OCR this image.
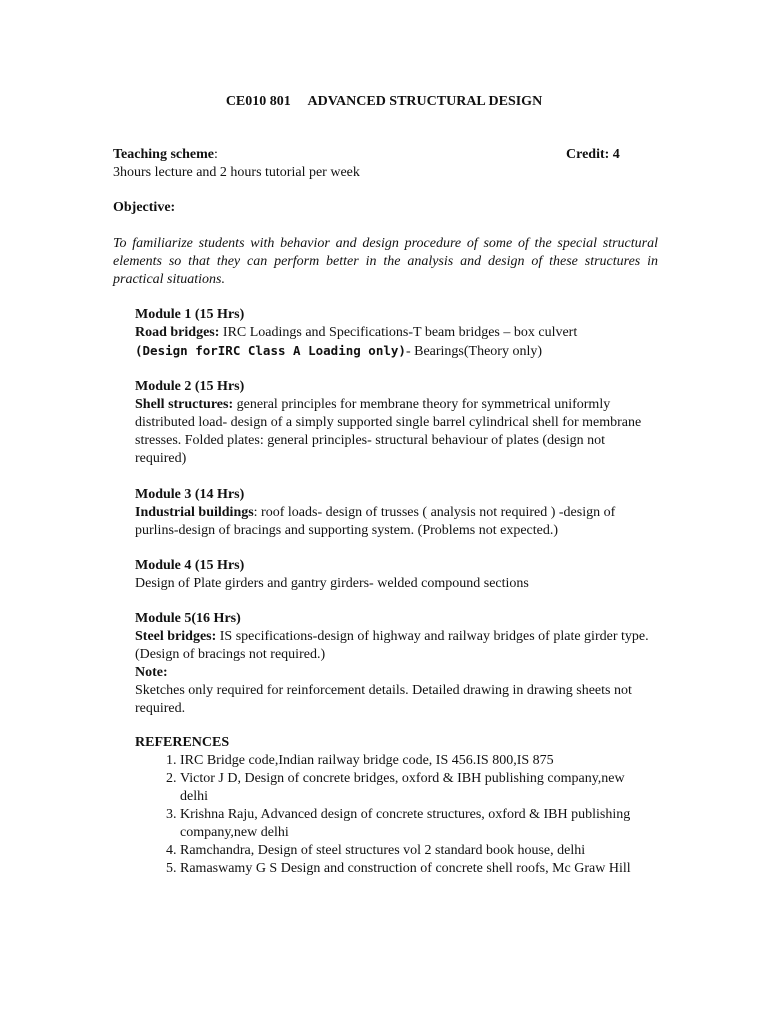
CE010 801 ADVANCED STRUCTURAL DESIGN
Teaching scheme:
3hours lecture and 2 hours tutorial per week
Credit: 4
Objective:
To familiarize students with behavior and design procedure of some of the special structural elements so that they can perform better in the analysis and design of these structures in practical situations.
Module 1 (15 Hrs)
Road bridges: IRC Loadings and Specifications-T beam bridges – box culvert
(Design forIRC Class A Loading only)- Bearings(Theory only)
Module 2 (15 Hrs)
Shell structures: general principles for membrane theory for symmetrical uniformly distributed load- design of a simply supported single barrel cylindrical shell for membrane stresses. Folded plates: general principles- structural behaviour of plates (design not required)
Module 3 (14 Hrs)
Industrial buildings: roof loads- design of trusses ( analysis not required ) -design of purlins-design of bracings and supporting system. (Problems not expected.)
Module 4 (15 Hrs)
Design of Plate girders and gantry girders- welded compound sections
Module 5(16 Hrs)
Steel bridges: IS specifications-design of highway and railway bridges of plate girder type.(Design of bracings not required.)
Note:
Sketches only required for reinforcement details. Detailed drawing in drawing sheets not required.
REFERENCES
1. IRC Bridge code,Indian railway bridge code, IS 456.IS 800,IS 875
2. Victor J D, Design of concrete bridges, oxford & IBH publishing company,new delhi
3. Krishna Raju, Advanced design of concrete structures, oxford & IBH publishing company,new delhi
4. Ramchandra, Design of steel structures vol 2 standard book house, delhi
5. Ramaswamy G S Design and construction of concrete shell roofs, Mc Graw Hill
